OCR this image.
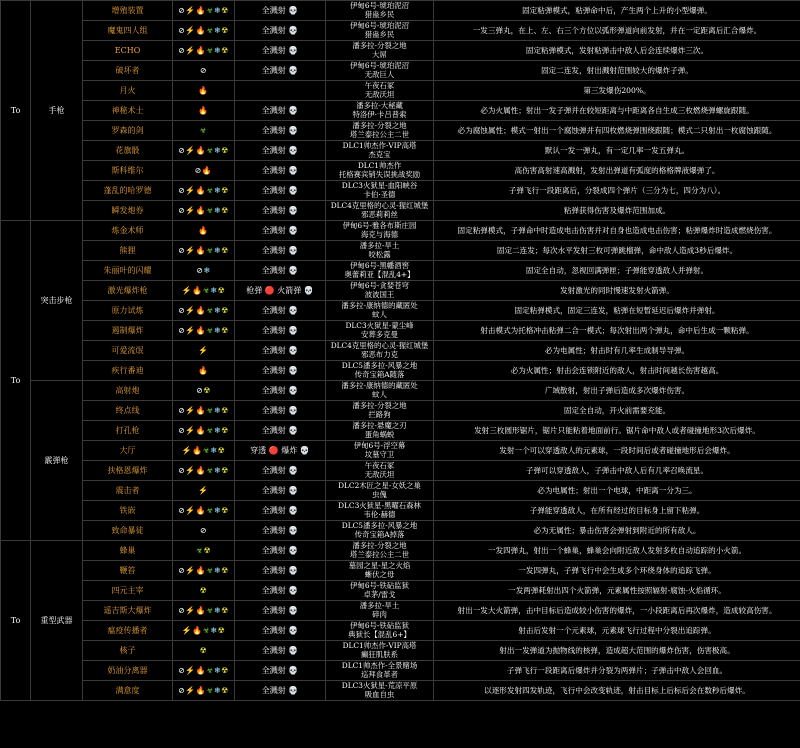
To	手枪	增殖装置	⊘⚡🔥☣❄☢	全溅射 💀	伊甸6号-琥珀泥沼
猎蛊乡民	固定粘弹模式，粘弹命中后，产生两个上升的小型爆弹。
		魔鬼四人组	⊘⚡🔥☣❄☢	全溅射 💀	伊甸6号-琥珀泥沼
猎蛊乡民	一发三弹丸，在上、左、右三个方位以弧形弹道向前发射，并在一定距离后汇合爆炸。
		ECHO	⊘⚡🔥☣❄☢	全溅射 💀	潘多拉-分裂之地
大屌	固定粘弹模式，发射粘弹击中敌人后会连续爆炸三次。
		破坏者	⊘	全溅射 💀	伊甸6号-琥珀泥沼
无敌巨人	固定二连发，射出溅射范围较大的爆炸子弹。
		月火	🔥		午夜石冢
无敌沃坦	第三发爆伤200%。
		神秘术士	🔥	全溅射 💀	潘多拉-大秘藏
特洛伊·卡吕普索	必为火属性；射出一发子弹并在较短距离与中距离各自生成三枚燃烧弹螺旋跟随。
		罗森的剑	☣	全溅射 💀	潘多拉-分裂之地
塔兰泰拉公主二世	必为腐蚀属性；模式一射出一个腐蚀弹并有四枚燃烧弹围绕跟随；模式二只射出一枚腐蚀跟随。
		花旗骰	⊘⚡🔥☣❄☢	全溅射 💀	DLC1帅杰作-VIP高塔
杰克宝	默认一发一弹丸，有一定几率一发五弹丸。
		斯科维尔	⊘🔥	全溅射 💀	DLC1帅杰作
托格赛宾销失误挑战奖励	高伤害高射速高溅射，发射出弹道有弧度的格格牌液爆弹了。
		蓬乱的哈罗德	⊘⚡🔥☣❄☢	全溅射 💀	DLC3火狱星-血阳峡谷
卡伯·圣德	子弹飞行一段距离后，分裂成四个弹片（三分为七，四分为八）。
		瞬发炮券	⊘⚡🔥☣❄☢	全溅射 💀	DLC4克里格的心灵-猩红城堡
邪恶莉莉丝	粘弹获得伤害及爆炸范围加成。
To	突击步枪	炼金术师	🔥	全溅射 💀	伊甸6号-雅各布斯庄园
海克与海德	固定粘弹模式，子弹命中时造成电击伤害并对自身也造成电击伤害；粘弹爆炸时造成燃烧伤害。
		熊狸	⊘⚡🔥☣❄☢	全溅射 💀	潘多拉-旱土
咬松露	固定二连发；每次水平发射三枚可弹跳榴弹，命中敌人造成3秒后爆炸。
		朱丽叶的闪耀	⊘❄	全溅射 💀	伊甸6号-黑幡酒窖
奥蕾莉亚【混乱4+】	固定全自动，忽视回满弹匣；子弹能穿透敌人并弹射。
		激光爆炸枪	⚡🔥☣❄☢	枪弹 🔴 火箭弹 💀	伊甸6号-贪婪苍穹
波波国王	发射激光的同时慢速发射火箭弹。
		原力试炼	⊘⚡🔥☣❄☢	全溅射 💀	潘多拉-康纳德的藏匿处
蚊人	固定粘弹模式，固定三连发，粘弹在短暂延迟后爆炸并弹射。
		遏制爆炸	⊘⚡🔥☣❄☢	全溅射 💀	DLC3火狱星-蒙尘峰
安葬多克曼	射击模式为托格冲击粘弹二合一模式；每次射出两个弹丸，命中后生成一颗粘弹。
		可爱流氓	⚡	全溅射 💀	DLC4克里格的心灵-猩红城堡
邪恶布力克	必为电属性；射击时有几率生成制导导弹。
		疾行番迪	🔥	全溅射 💀	DLC5潘多拉-风暴之地
传奇宝箱A随落	必为火属性；射击会连锁附近的敌人，射击时间越长伤害越高。
	霰弹枪	高射炮	⊘☢	全溅射 💀	潘多拉-康纳德的藏匿处
蚊人	广域散射，射出子弹后造成多次爆炸伤害。
		终点线	⊘⚡🔥☣❄☢	全溅射 💀	潘多拉-分裂之地
拦路狗	固定全自动，开火前需要充能。
		打孔枪	⊘⚡🔥☣❄☢	全溅射 💀	潘多拉-悬魔之刃
蛋角蜗蜕	发射三枚圆形锯片，锯片只能粘着地面前行。锯片命中敌人或者碰撞地形3次后爆炸。
		大厅	⚡🔥☣❄☢	穿透 🔴 爆炸 💀	伊甸6号-浮空幕
坟墓守卫	发射一个可以穿透敌人的元素球，一段时间后或者碰撞地形后会爆炸。
		扶格恩爆炸	⊘⚡🔥☣❄☢	全溅射 💀	午夜石冢
无敌沃坦	子弹可以穿透敌人，子弹击中敌人后有几率召唤流星。
		震击者	⚡	全溅射 💀	DLC2木匠之星-女妖之巢
虫傀	必为电属性；射出一个电球，中距离一分为三。
		铁嵌	⊘⚡🔥☣❄☢	全溅射 💀	DLC3火狱星-黑曜石森林
韦伦·赫德	子弹能穿透敌人，在所有经过的目标身上留下粘弹。
		致命暴徒	⊘	全溅射 💀	DLC5潘多拉-风暴之地
传奇宝箱A掉落	必为无属性；暴击伤害会弹射到附近的所有敌人。
To	重型武器	蜂巢	☣☢	全溅射 💀	潘多拉-分裂之地
塔兰泰拉公主二世	一发四弹丸，射出一个蜂巢，蜂巢会向附近敌人发射多枚自动追踪的小火箭。
		鞭笞	⊘⚡🔥☣❄☢	全溅射 💀	墓园之星-星之火焰
蜥伏之母	一发四弹丸，子弹飞行中会生成多个环绕身体的追踪飞弹。
		四元主宰	☢	全溅射 💀	伊甸6号-铁砧监狱
卓茅/雷戈	一发两弹耗射出四个火箭弹，元素属性按照辐射-腐蚀-火焰循环。
		遥吉斯大爆炸	⊘⚡🔥☣❄☢	全溅射 💀	潘多拉-旱土
碎肉	射出一发大火箭弹，击中目标后造成较小伤害的爆炸，一小段距离后再次爆炸，造成较高伤害。
		瘟疫传播者	⚡🔥☣❄☢	全溅射 💀	伊甸6号-铁砧监狱
典狱长【混乱6+】	射击后发射一个元素球，元素球飞行过程中分裂出追踪弹。
		核子	☢	全溅射 💀	DLC1帅杰作-VIP高塔
癫狂肌肤系	射出一发弹道为抛物线的核弹，造成超大范围的爆炸伤害，伤害极高。
		奶油分离器	⊘⚡🔥☣❄☢	全溅射 💀	DLC1帅杰作-全景赌场
巡拜食革者	子弹飞行一段距离后爆炸并分裂为两弹片；子弹击中敌人会回血。
		满意度	⊘⚡🔥☣❄☢	全溅射 💀	DLC3火狱星-荒凉平原
吸血自虫	以逐形发射四发轨迹，飞行中会改变轨迹，射击目标上后标后会在数秒后爆炸。
